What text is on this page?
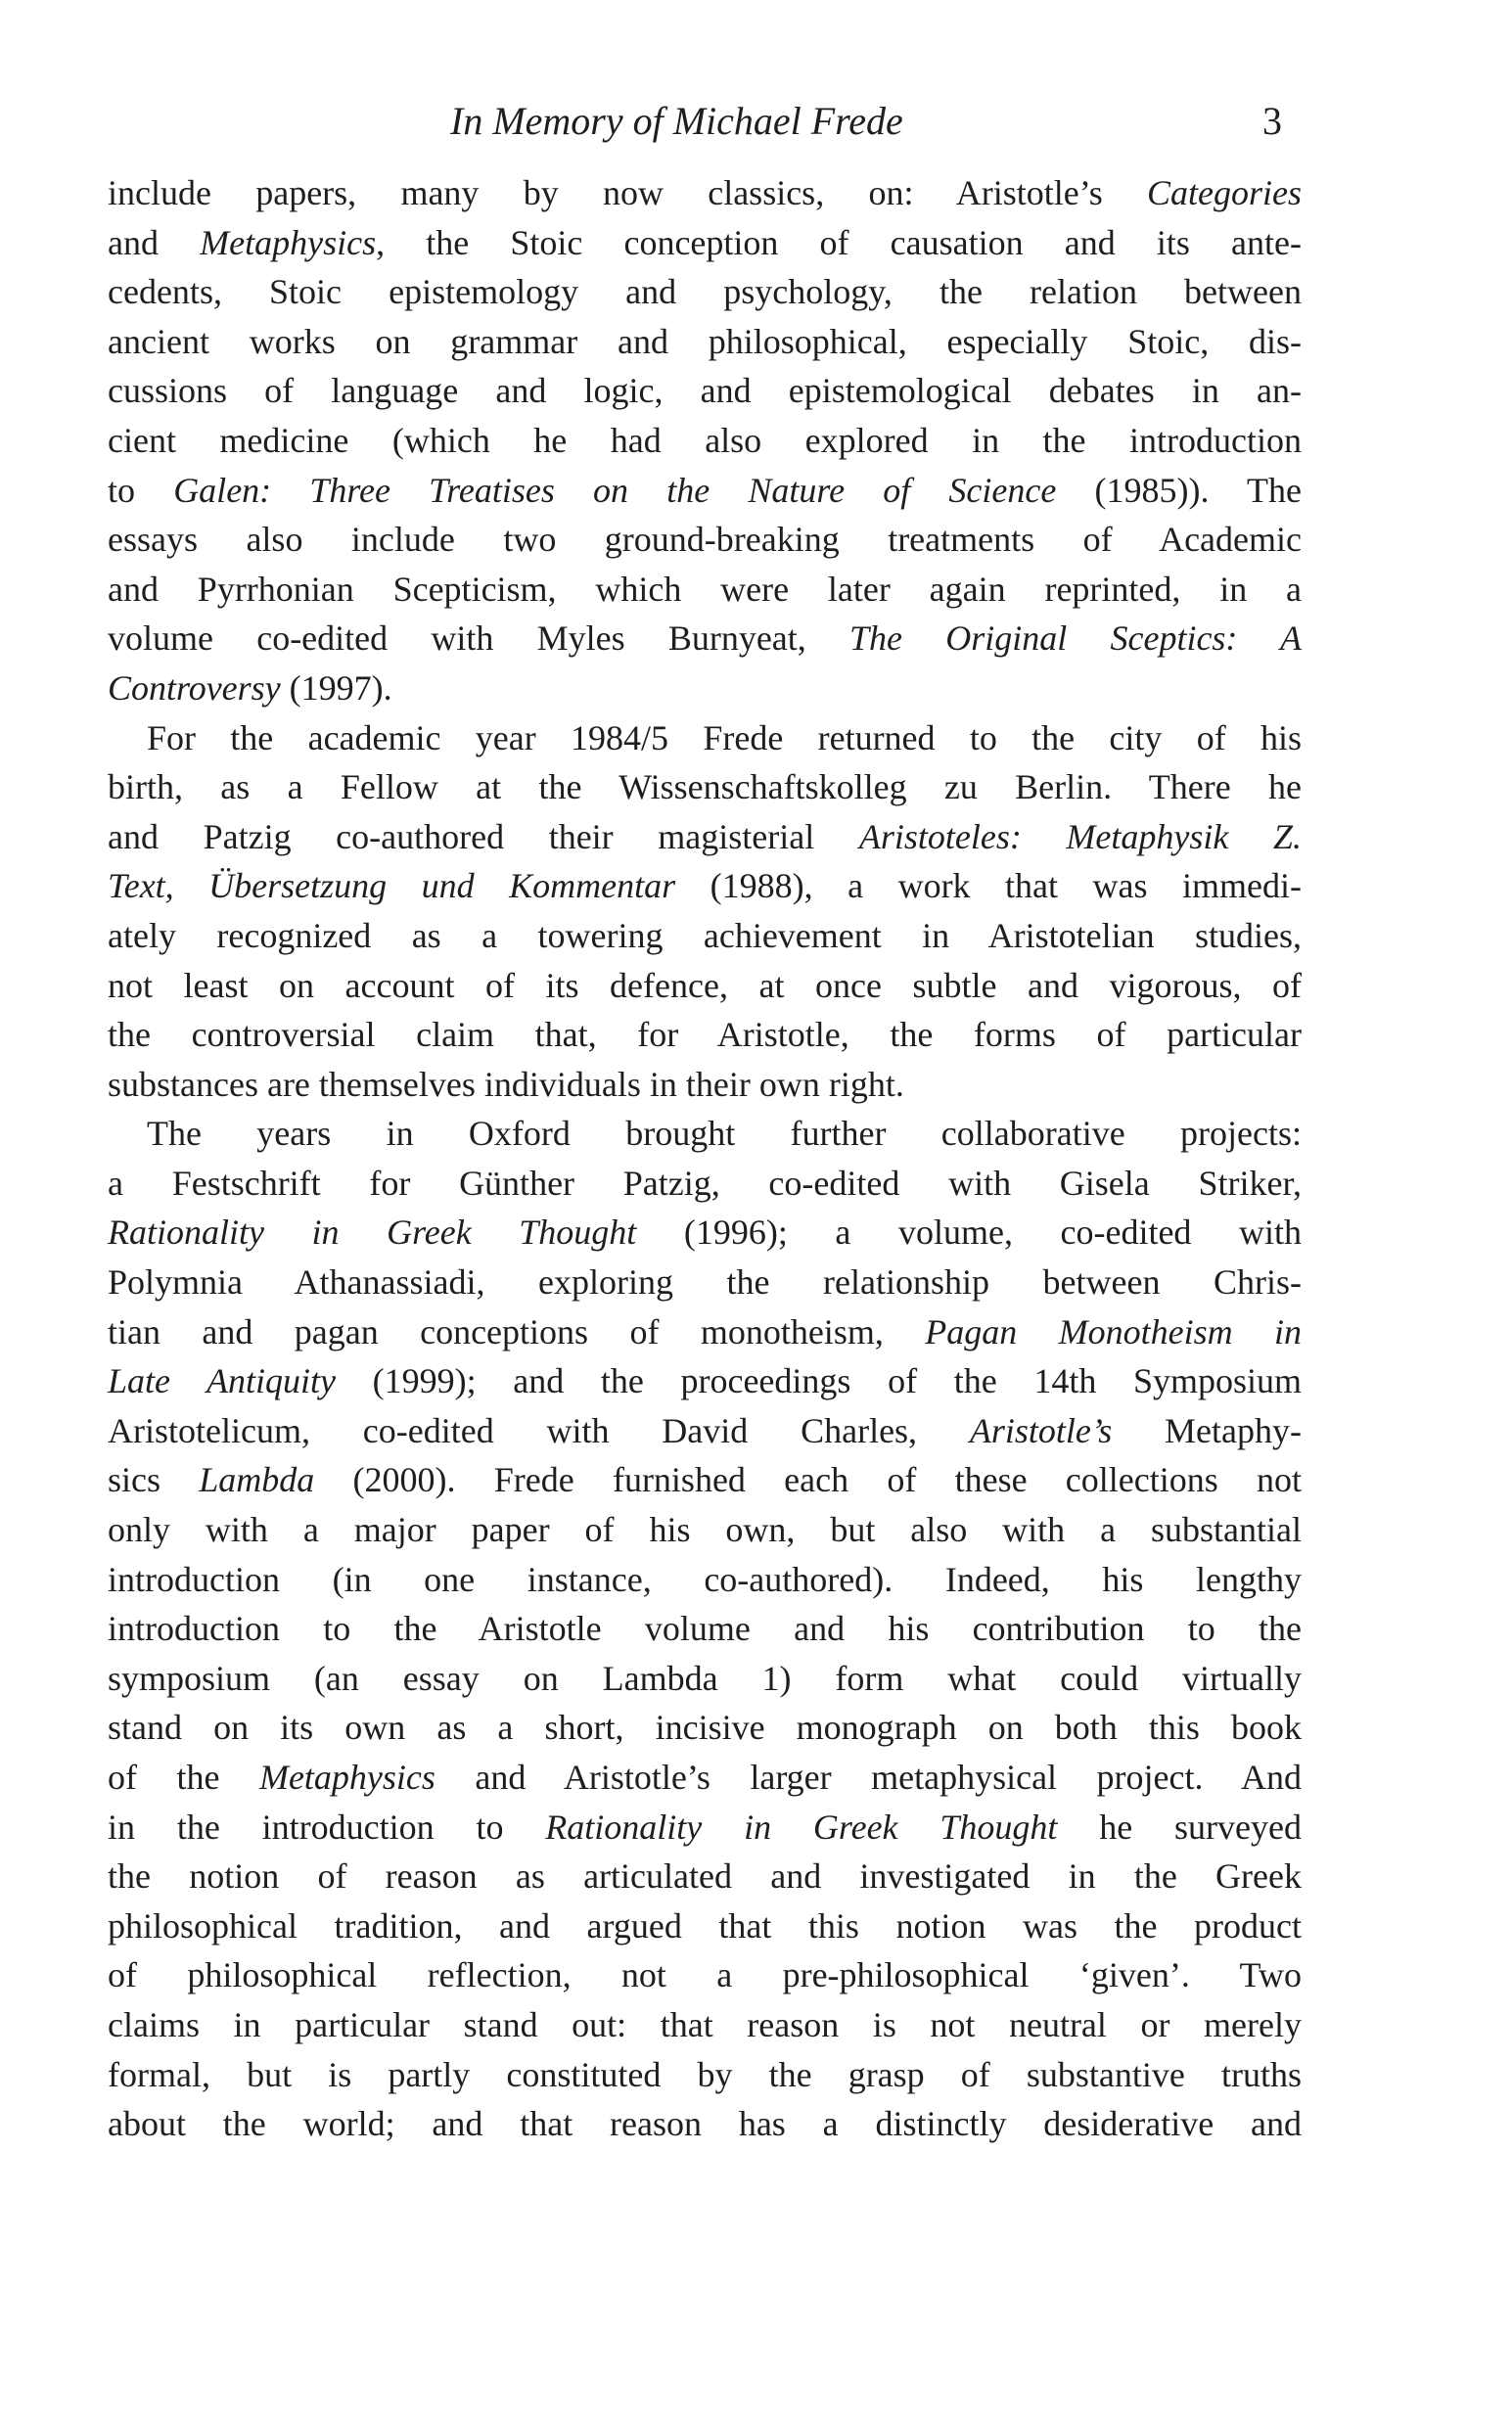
In Memory of Michael Frede	3
include papers, many by now classics, on: Aristotle’s Categories
and Metaphysics, the Stoic conception of causation and its ante-
cedents, Stoic epistemology and psychology, the relation between
ancient works on grammar and philosophical, especially Stoic, dis-
cussions of language and logic, and epistemological debates in an-
cient medicine (which he had also explored in the introduction
to Galen: Three Treatises on the Nature of Science (1985)). The
essays also include two ground-breaking treatments of Academic
and Pyrrhonian Scepticism, which were later again reprinted, in a
volume co-edited with Myles Burnyeat, The Original Sceptics: A
Controversy (1997).
For the academic year 1984/5 Frede returned to the city of his
birth, as a Fellow at the Wissenschaftskolleg zu Berlin. There he
and Patzig co-authored their magisterial Aristoteles: Metaphysik Z.
Text, Übersetzung und Kommentar (1988), a work that was immedi-
ately recognized as a towering achievement in Aristotelian studies,
not least on account of its defence, at once subtle and vigorous, of
the controversial claim that, for Aristotle, the forms of particular
substances are themselves individuals in their own right.
The years in Oxford brought further collaborative projects:
a Festschrift for Günther Patzig, co-edited with Gisela Striker,
Rationality in Greek Thought (1996); a volume, co-edited with
Polymnia Athanassiadi, exploring the relationship between Chris-
tian and pagan conceptions of monotheism, Pagan Monotheism in
Late Antiquity (1999); and the proceedings of the 14th Symposium
Aristotelicum, co-edited with David Charles, Aristotle’s Metaphy-
sics Lambda (2000). Frede furnished each of these collections not
only with a major paper of his own, but also with a substantial
introduction (in one instance, co-authored). Indeed, his lengthy
introduction to the Aristotle volume and his contribution to the
symposium (an essay on Lambda 1) form what could virtually
stand on its own as a short, incisive monograph on both this book
of the Metaphysics and Aristotle’s larger metaphysical project. And
in the introduction to Rationality in Greek Thought he surveyed
the notion of reason as articulated and investigated in the Greek
philosophical tradition, and argued that this notion was the product
of philosophical reflection, not a pre-philosophical ‘given’. Two
claims in particular stand out: that reason is not neutral or merely
formal, but is partly constituted by the grasp of substantive truths
about the world; and that reason has a distinctly desiderative and
